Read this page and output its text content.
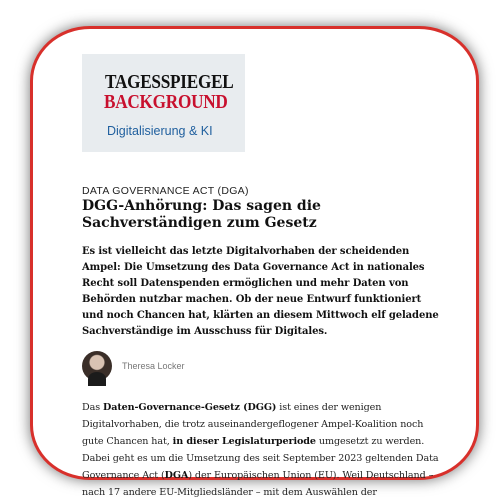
TAGESSPIEGEL
BACKGROUND
Digitalisierung & KI
DATA GOVERNANCE ACT (DGA)
DGG-Anhörung: Das sagen die Sachverständigen zum Gesetz
Es ist vielleicht das letzte Digitalvorhaben der scheidenden Ampel: Die Umsetzung des Data Governance Act in nationales Recht soll Datenspenden ermöglichen und mehr Daten von Behörden nutzbar machen. Ob der neue Entwurf funktioniert und noch Chancen hat, klärten an diesem Mittwoch elf geladene Sachverständige im Ausschuss für Digitales.
Theresa Locker
Das Daten-Governance-Gesetz (DGG) ist eines der wenigen Digitalvorhaben, die trotz auseinandergeflogener Ampel-Koalition noch gute Chancen hat, in dieser Legislaturperiode umgesetzt zu werden. Dabei geht es um die Umsetzung des seit September 2023 geltenden Data Governance Act (DGA) der Europäischen Union (EU). Weil Deutschland – nach 17 andere EU-Mitgliedsländer – mit dem Auswählen der
